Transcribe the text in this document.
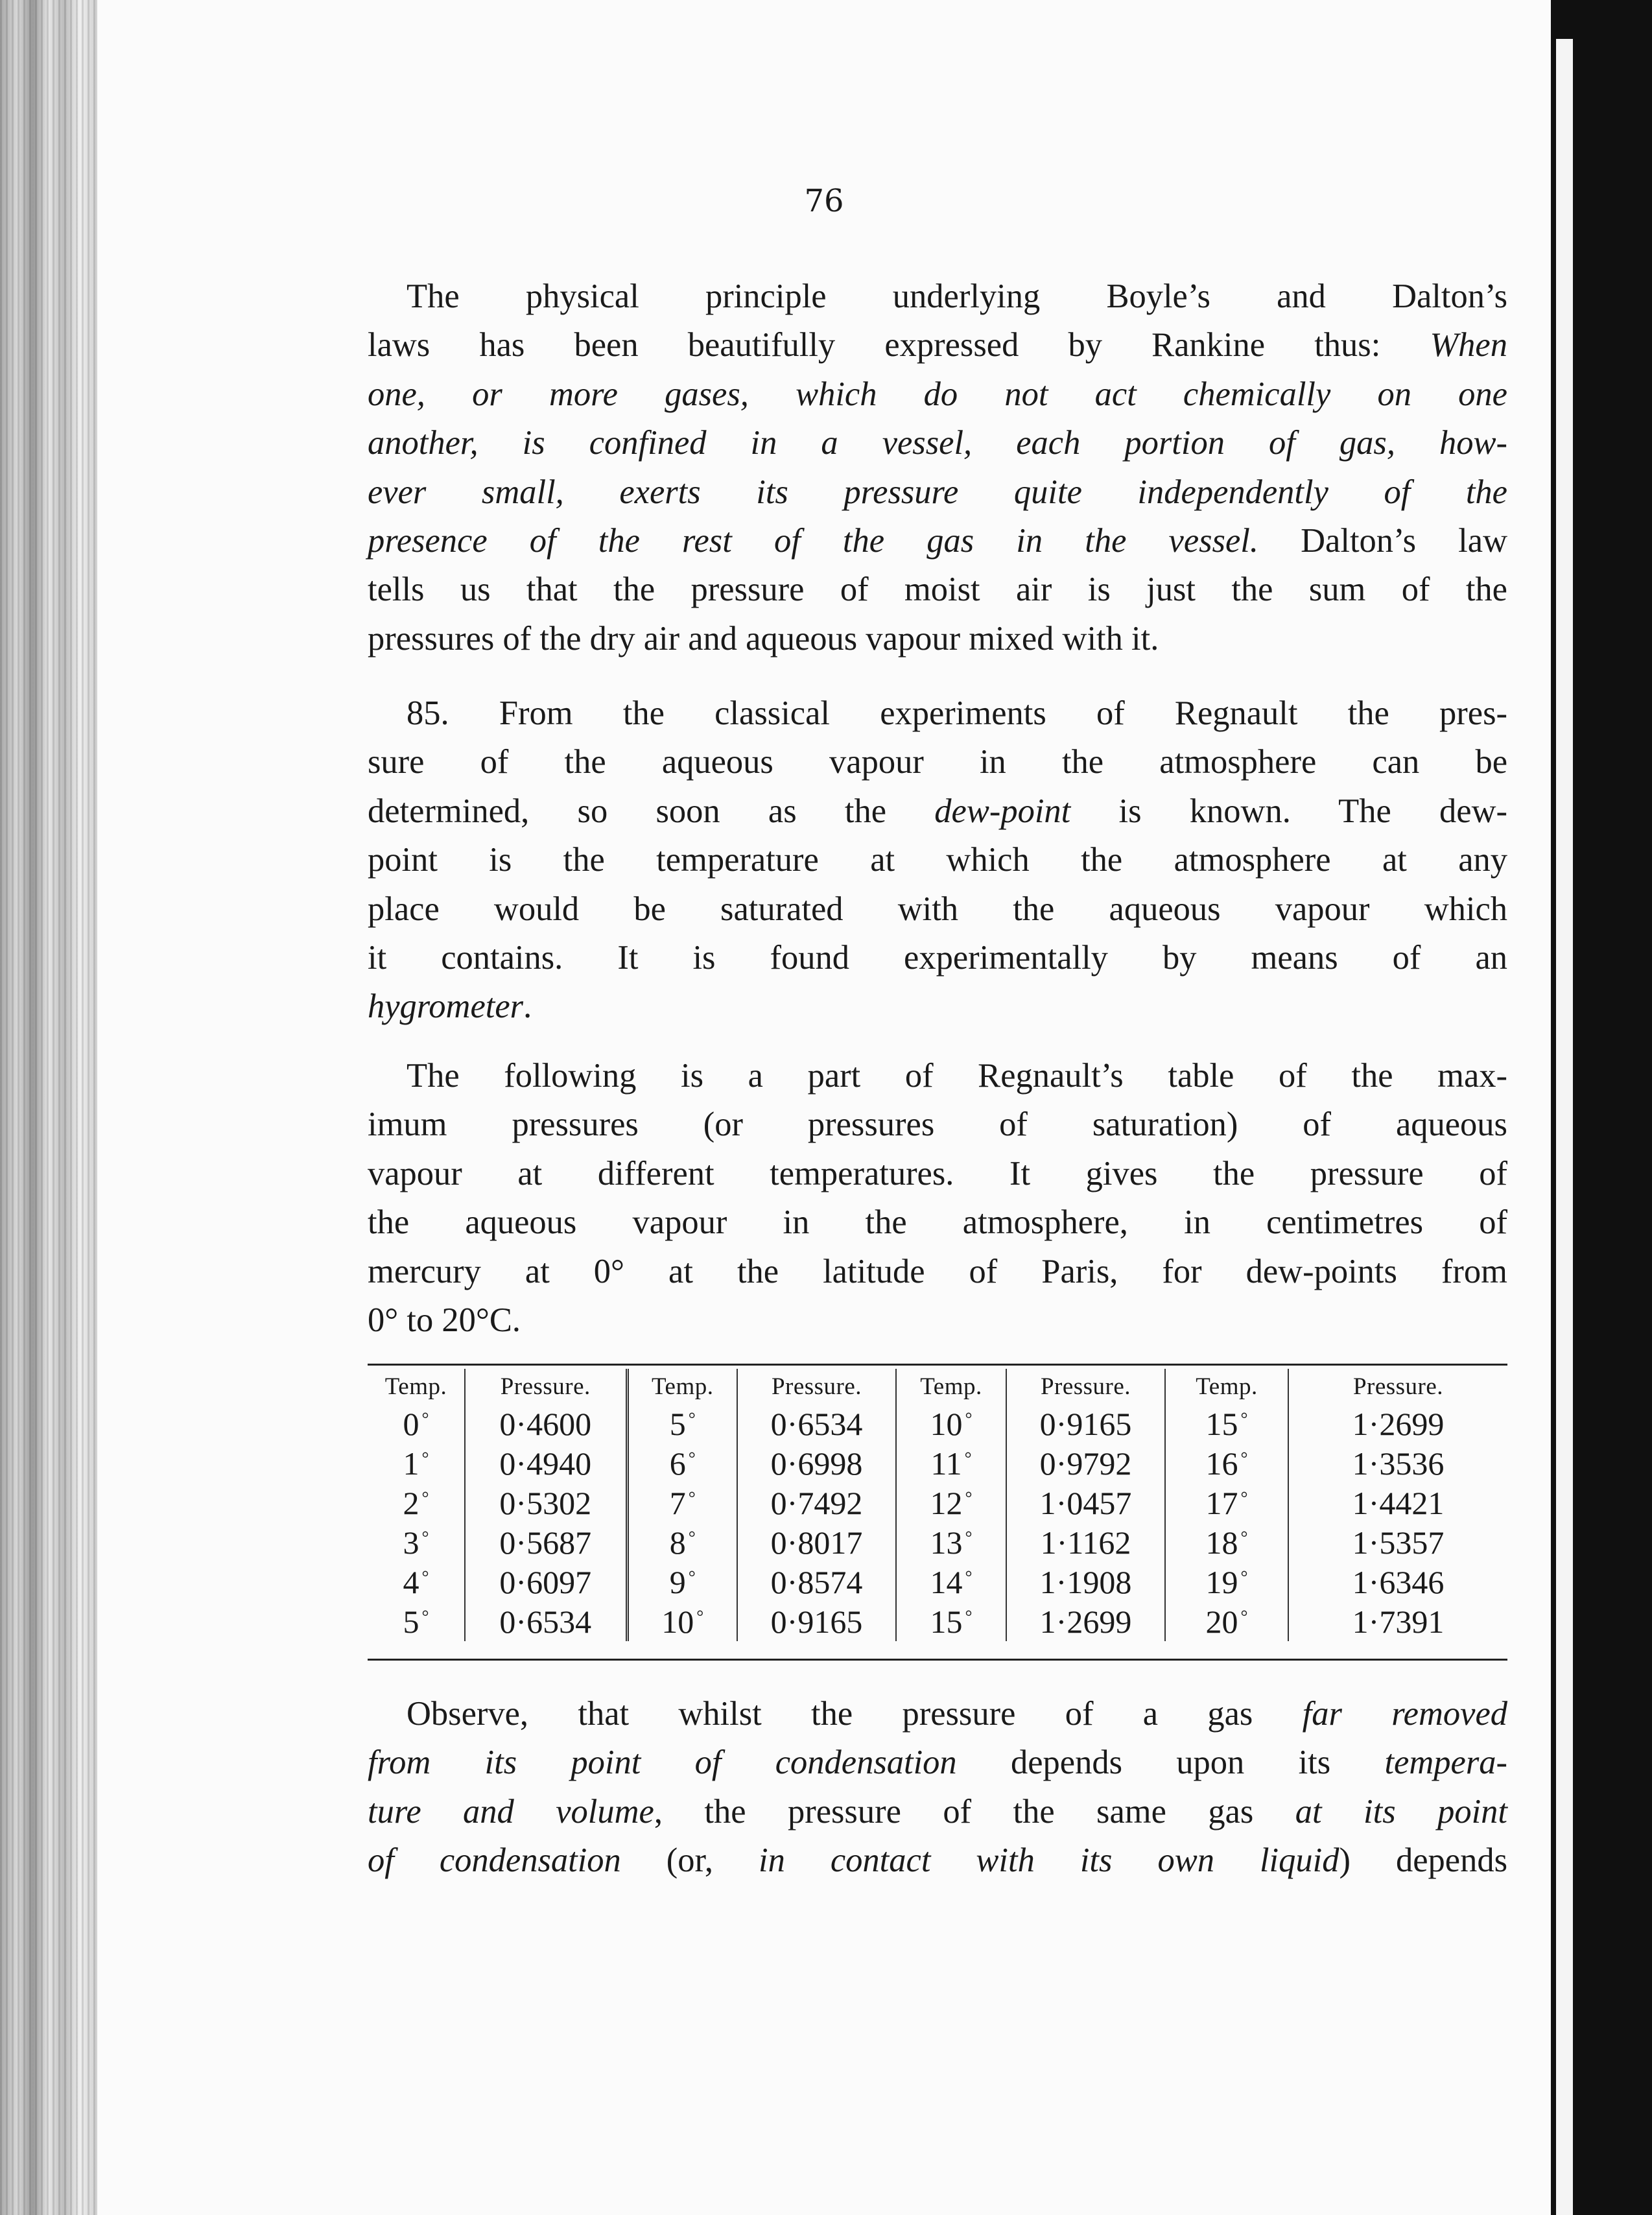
76
The physical principle underlying Boyle’s and Dalton’s
laws has been beautifully expressed by Rankine thus: When
one, or more gases, which do not act chemically on one
another, is confined in a vessel, each portion of gas, how-
ever small, exerts its pressure quite independently of the
presence of the rest of the gas in the vessel. Dalton’s law
tells us that the pressure of moist air is just the sum of the
pressures of the dry air and aqueous vapour mixed with it.
85. From the classical experiments of Regnault the pres-
sure of the aqueous vapour in the atmosphere can be
determined, so soon as the dew-point is known. The dew-
point is the temperature at which the atmosphere at any
place would be saturated with the aqueous vapour which
it contains. It is found experimentally by means of an
hygrometer.
The following is a part of Regnault’s table of the max-
imum pressures (or pressures of saturation) of aqueous
vapour at different temperatures. It gives the pressure of
the aqueous vapour in the atmosphere, in centimetres of
mercury at 0° at the latitude of Paris, for dew-points from
0° to 20°C.
Temp.	Pressure.	Temp.	Pressure.	Temp.	Pressure.	Temp.	Pressure.
0 °	0·4600	5 °	0·6534	10 °	0·9165	15 °	1·2699
1 °	0·4940	6 °	0·6998	11 °	0·9792	16 °	1·3536
2 °	0·5302	7 °	0·7492	12 °	1·0457	17 °	1·4421
3 °	0·5687	8 °	0·8017	13 °	1·1162	18 °	1·5357
4 °	0·6097	9 °	0·8574	14 °	1·1908	19 °	1·6346
5 °	0·6534	10 °	0·9165	15 °	1·2699	20 °	1·7391
Observe, that whilst the pressure of a gas far removed
from its point of condensation depends upon its tempera-
ture and volume, the pressure of the same gas at its point
of condensation (or, in contact with its own liquid) depends
